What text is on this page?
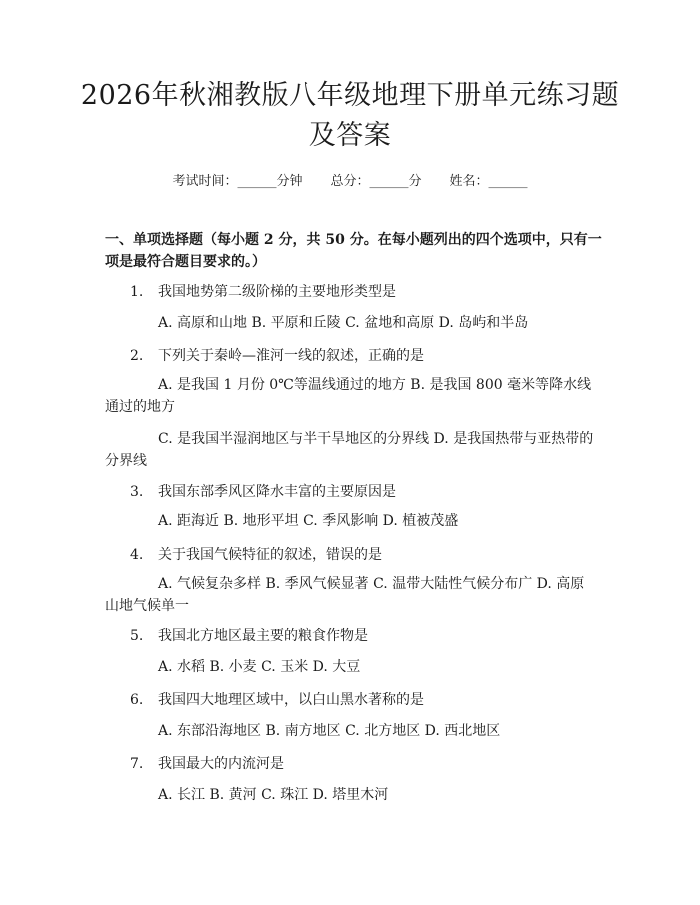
2026年秋湘教版八年级地理下册单元练习题
及答案
考试时间：______分钟 总分：______分 姓名：______

一、单项选择题（每小题 2 分，共 50 分。在每小题列出的四个选项中，只有一项是最符合题目要求的。）

1. 我国地势第二级阶梯的主要地形类型是

A. 高原和山地 B. 平原和丘陵 C. 盆地和高原 D. 岛屿和半岛

2. 下列关于秦岭—淮河一线的叙述，正确的是

A. 是我国 1 月份 0℃等温线通过的地方 B. 是我国 800 毫米等降水线通过的地方

C. 是我国半湿润地区与半干旱地区的分界线 D. 是我国热带与亚热带的分界线

3. 我国东部季风区降水丰富的主要原因是

A. 距海近 B. 地形平坦 C. 季风影响 D. 植被茂盛

4. 关于我国气候特征的叙述，错误的是

A. 气候复杂多样 B. 季风气候显著 C. 温带大陆性气候分布广 D. 高原山地气候单一

5. 我国北方地区最主要的粮食作物是

A. 水稻 B. 小麦 C. 玉米 D. 大豆

6. 我国四大地理区域中，以白山黑水著称的是

A. 东部沿海地区 B. 南方地区 C. 北方地区 D. 西北地区

7. 我国最大的内流河是

A. 长江 B. 黄河 C. 珠江 D. 塔里木河
